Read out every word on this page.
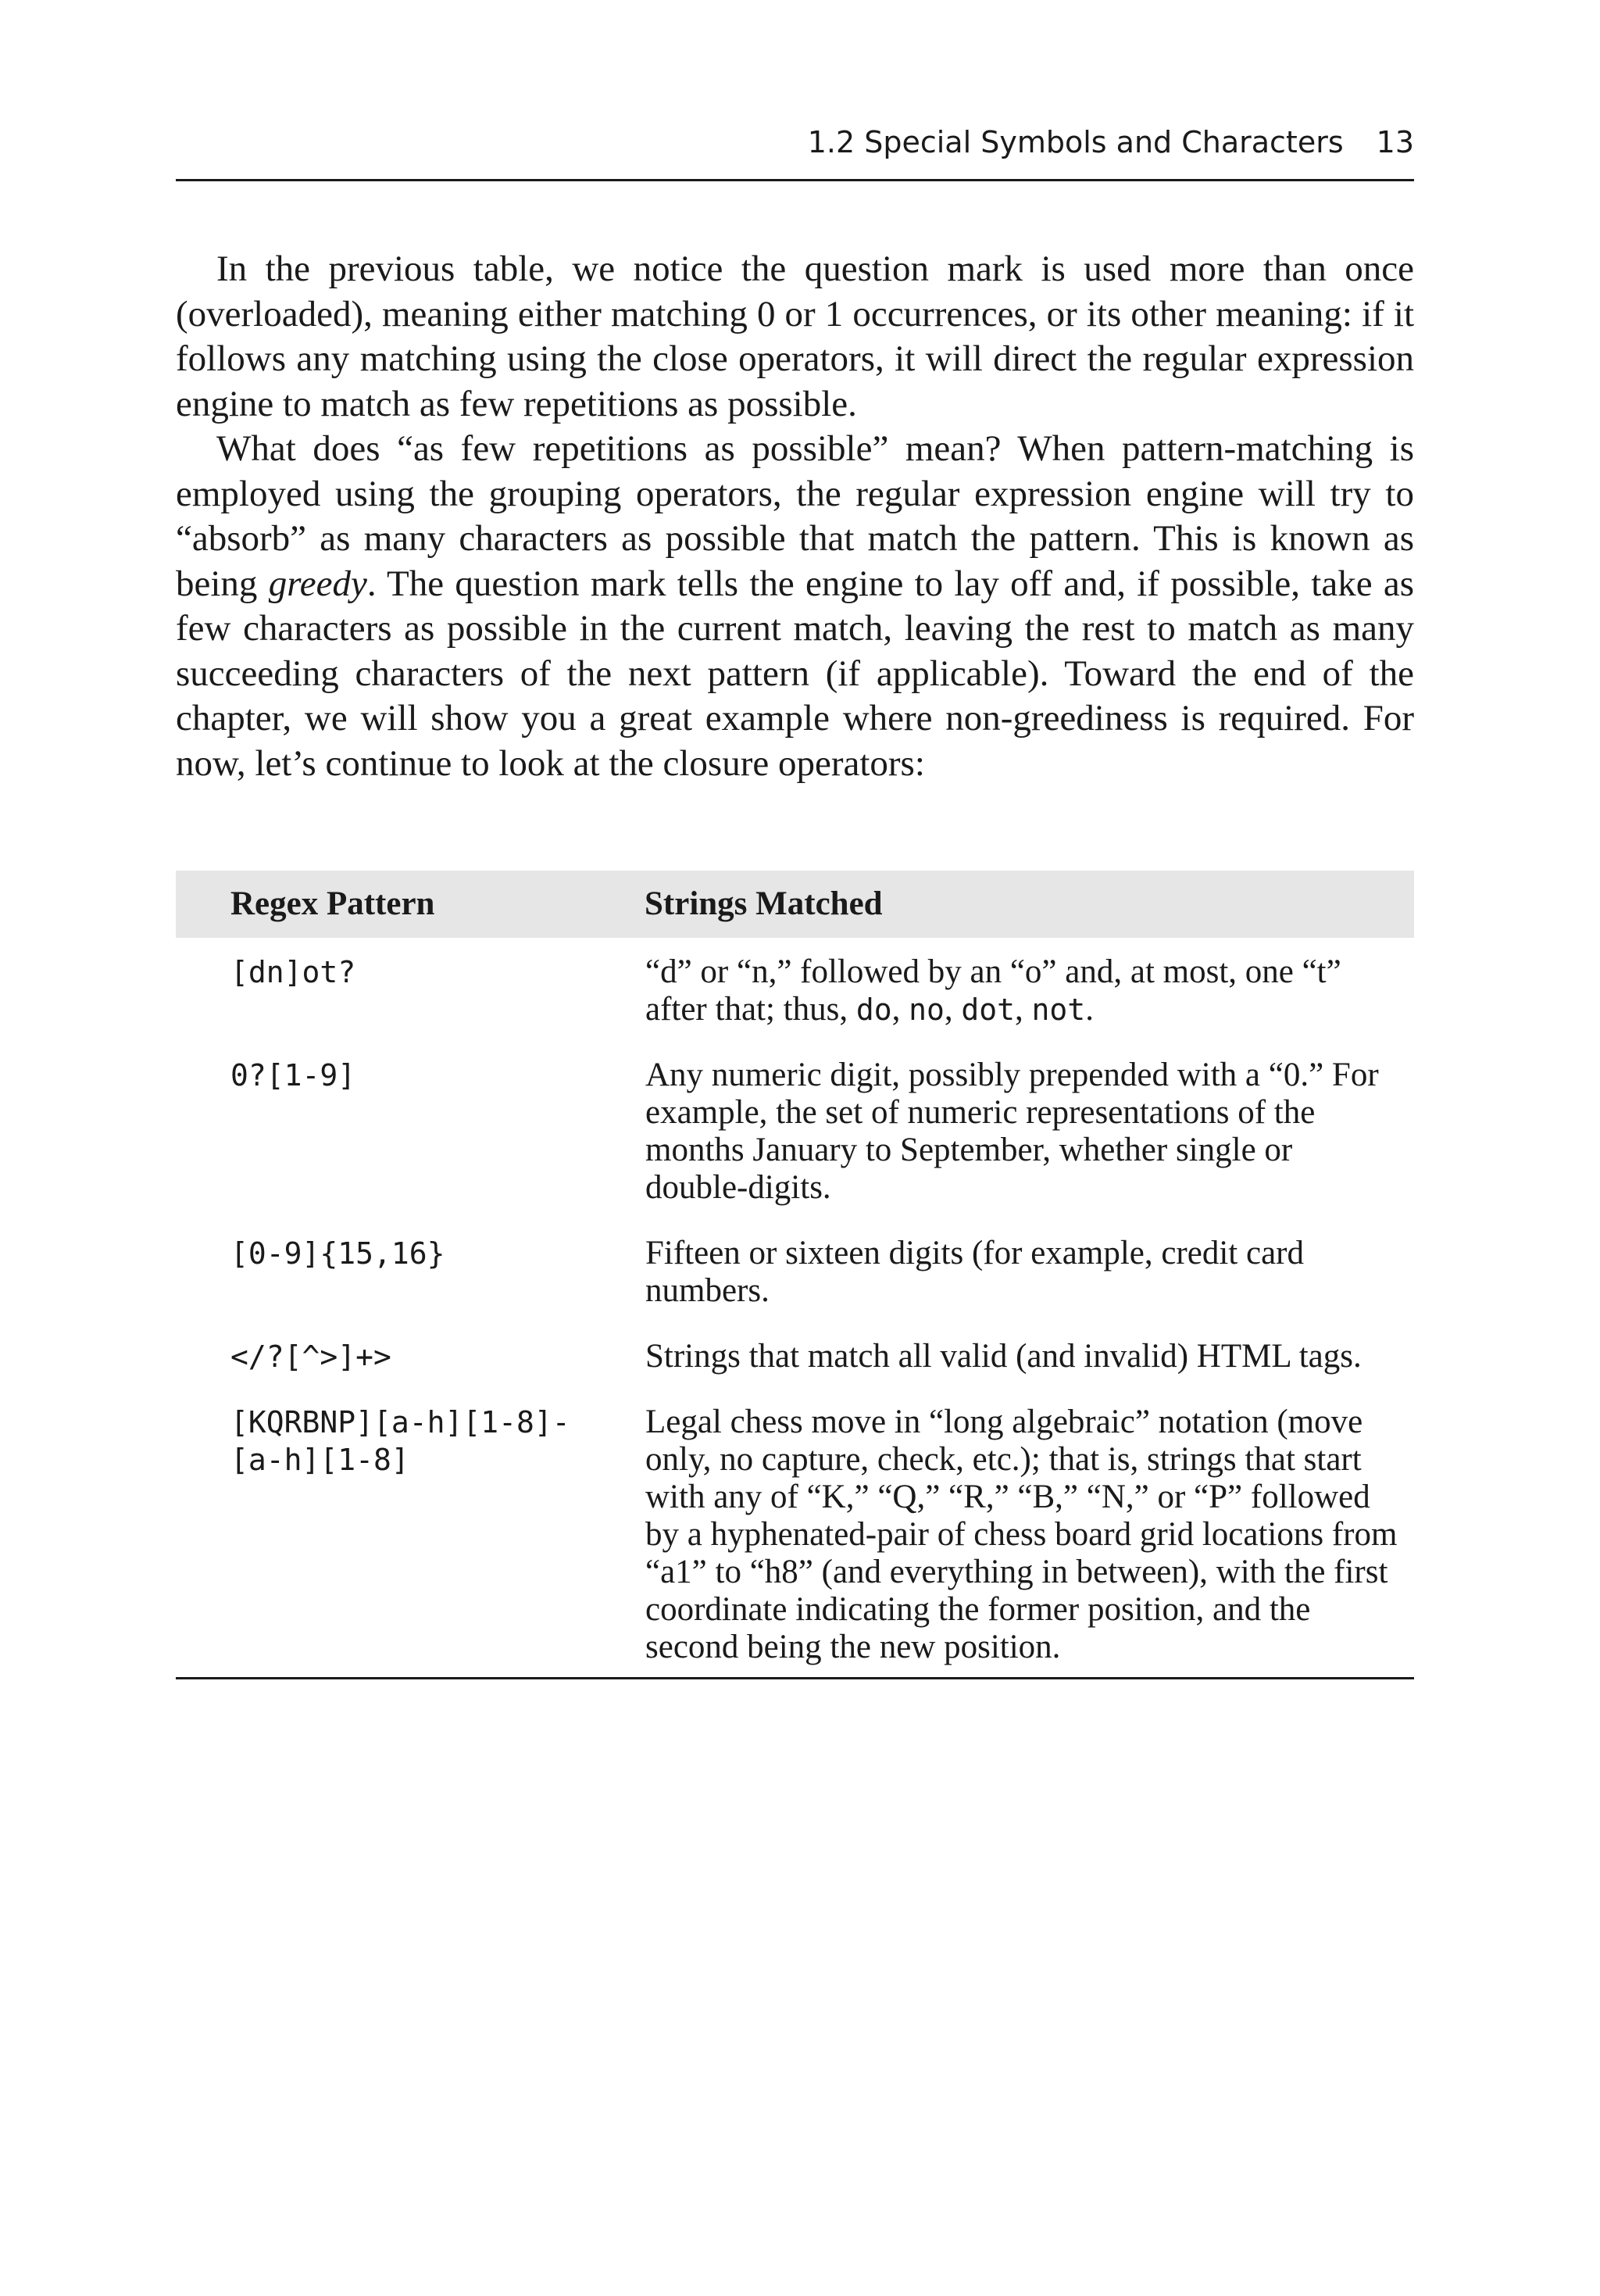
1.2 Special Symbols and Characters 13

In the previous table, we notice the question mark is used more than once (overloaded), meaning either matching 0 or 1 occurrences, or its other meaning: if it follows any matching using the close operators, it will direct the regular expression engine to match as few repetitions as possible.

What does “as few repetitions as possible” mean? When pattern-matching is employed using the grouping operators, the regular expression engine will try to “absorb” as many characters as possible that match the pattern. This is known as being greedy. The question mark tells the engine to lay off and, if possible, take as few characters as possible in the current match, leaving the rest to match as many succeeding characters of the next pattern (if applicable). Toward the end of the chapter, we will show you a great example where non-greediness is required. For now, let’s continue to look at the closure operators:

Regex Pattern	Strings Matched
[dn]ot?	“d” or “n,” followed by an “o” and, at most, one “t” after that; thus, do, no, dot, not.
0?[1-9]	Any numeric digit, possibly prepended with a “0.” For example, the set of numeric representations of the months January to September, whether single or double-digits.
[0-9]{15,16}	Fifteen or sixteen digits (for example, credit card numbers.
</?[^>]+>	Strings that match all valid (and invalid) HTML tags.
[KQRBNP][a-h][1-8]-
[a-h][1-8]	Legal chess move in “long algebraic” notation (move only, no capture, check, etc.); that is, strings that start with any of “K,” “Q,” “R,” “B,” “N,” or “P” followed by a hyphenated-pair of chess board grid locations from “a1” to “h8” (and everything in between), with the first coordinate indicating the former position, and the second being the new position.
